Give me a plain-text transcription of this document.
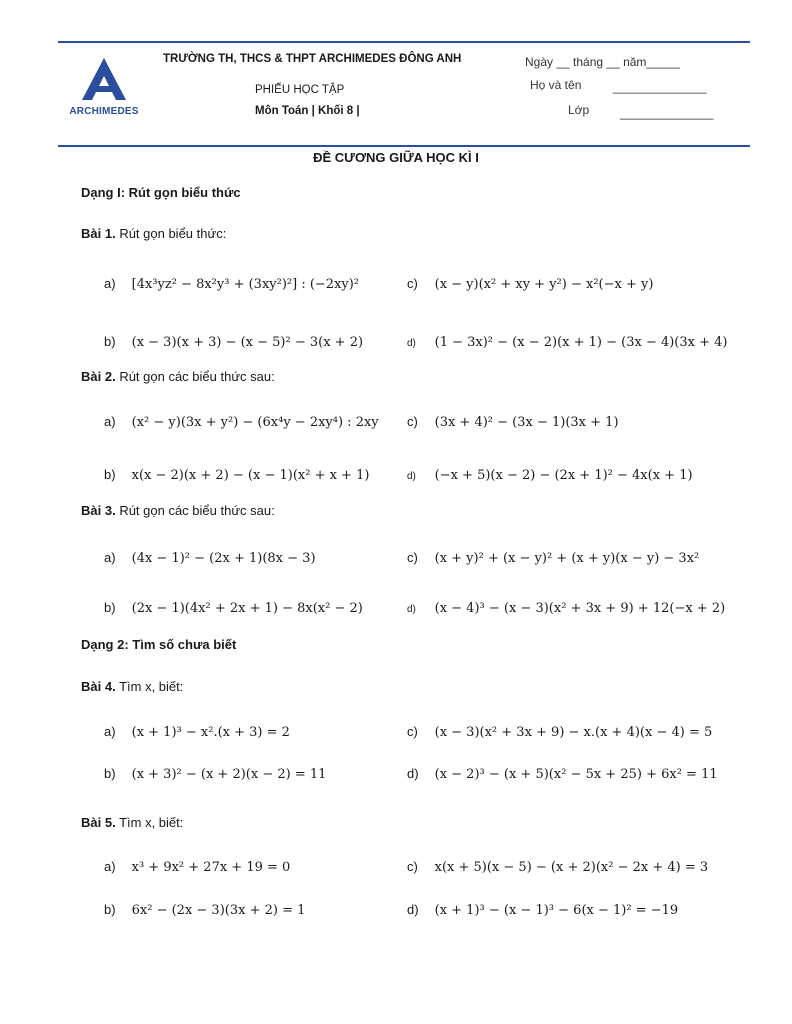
ARCHIMEDES
TRƯỜNG TH, THCS & THPT ARCHIMEDES ĐÔNG ANH
PHIẾU HỌC TẬP
Môn Toán | Khối 8 |
Ngày __ tháng __ năm_____
Họ và tên	______________
Lớp	______________
ĐỀ CƯƠNG GIỮA HỌC KÌ I
Dạng I: Rút gọn biểu thức
Bài 1. Rút gọn biểu thức:
a) [4x³yz² − 8x²y³ + (3xy²)²] : (−2xy)²	c) (x − y)(x² + xy + y²) − x²(−x + y)
b) (x − 3)(x + 3) − (x − 5)² − 3(x + 2)	d) (1 − 3x)² − (x − 2)(x + 1) − (3x − 4)(3x + 4)
Bài 2. Rút gọn các biểu thức sau:
a) (x² − y)(3x + y²) − (6x⁴y − 2xy⁴) : 2xy c) (3x + 4)² − (3x − 1)(3x + 1)
b) x(x − 2)(x + 2) − (x − 1)(x² + x + 1)	d) (−x + 5)(x − 2) − (2x + 1)² − 4x(x + 1)
Bài 3. Rút gọn các biểu thức sau:
a) (4x − 1)² − (2x + 1)(8x − 3)	c) (x + y)² + (x − y)² + (x + y)(x − y) − 3x²
b) (2x − 1)(4x² + 2x + 1) − 8x(x² − 2)	d) (x − 4)³ − (x − 3)(x² + 3x + 9) + 12(−x + 2)
Dạng 2: Tìm số chưa biết
Bài 4. Tìm x, biết:
a) (x + 1)³ − x².(x + 3) = 2	c) (x − 3)(x² + 3x + 9) − x.(x + 4)(x − 4) = 5
b) (x + 3)² − (x + 2)(x − 2) = 11	d) (x − 2)³ − (x + 5)(x² − 5x + 25) + 6x² = 11
Bài 5. Tìm x, biết:
a) x³ + 9x² + 27x + 19 = 0	c) x(x + 5)(x − 5) − (x + 2)(x² − 2x + 4) = 3
b) 6x² − (2x − 3)(3x + 2) = 1	d) (x + 1)³ − (x − 1)³ − 6(x − 1)² = −19
